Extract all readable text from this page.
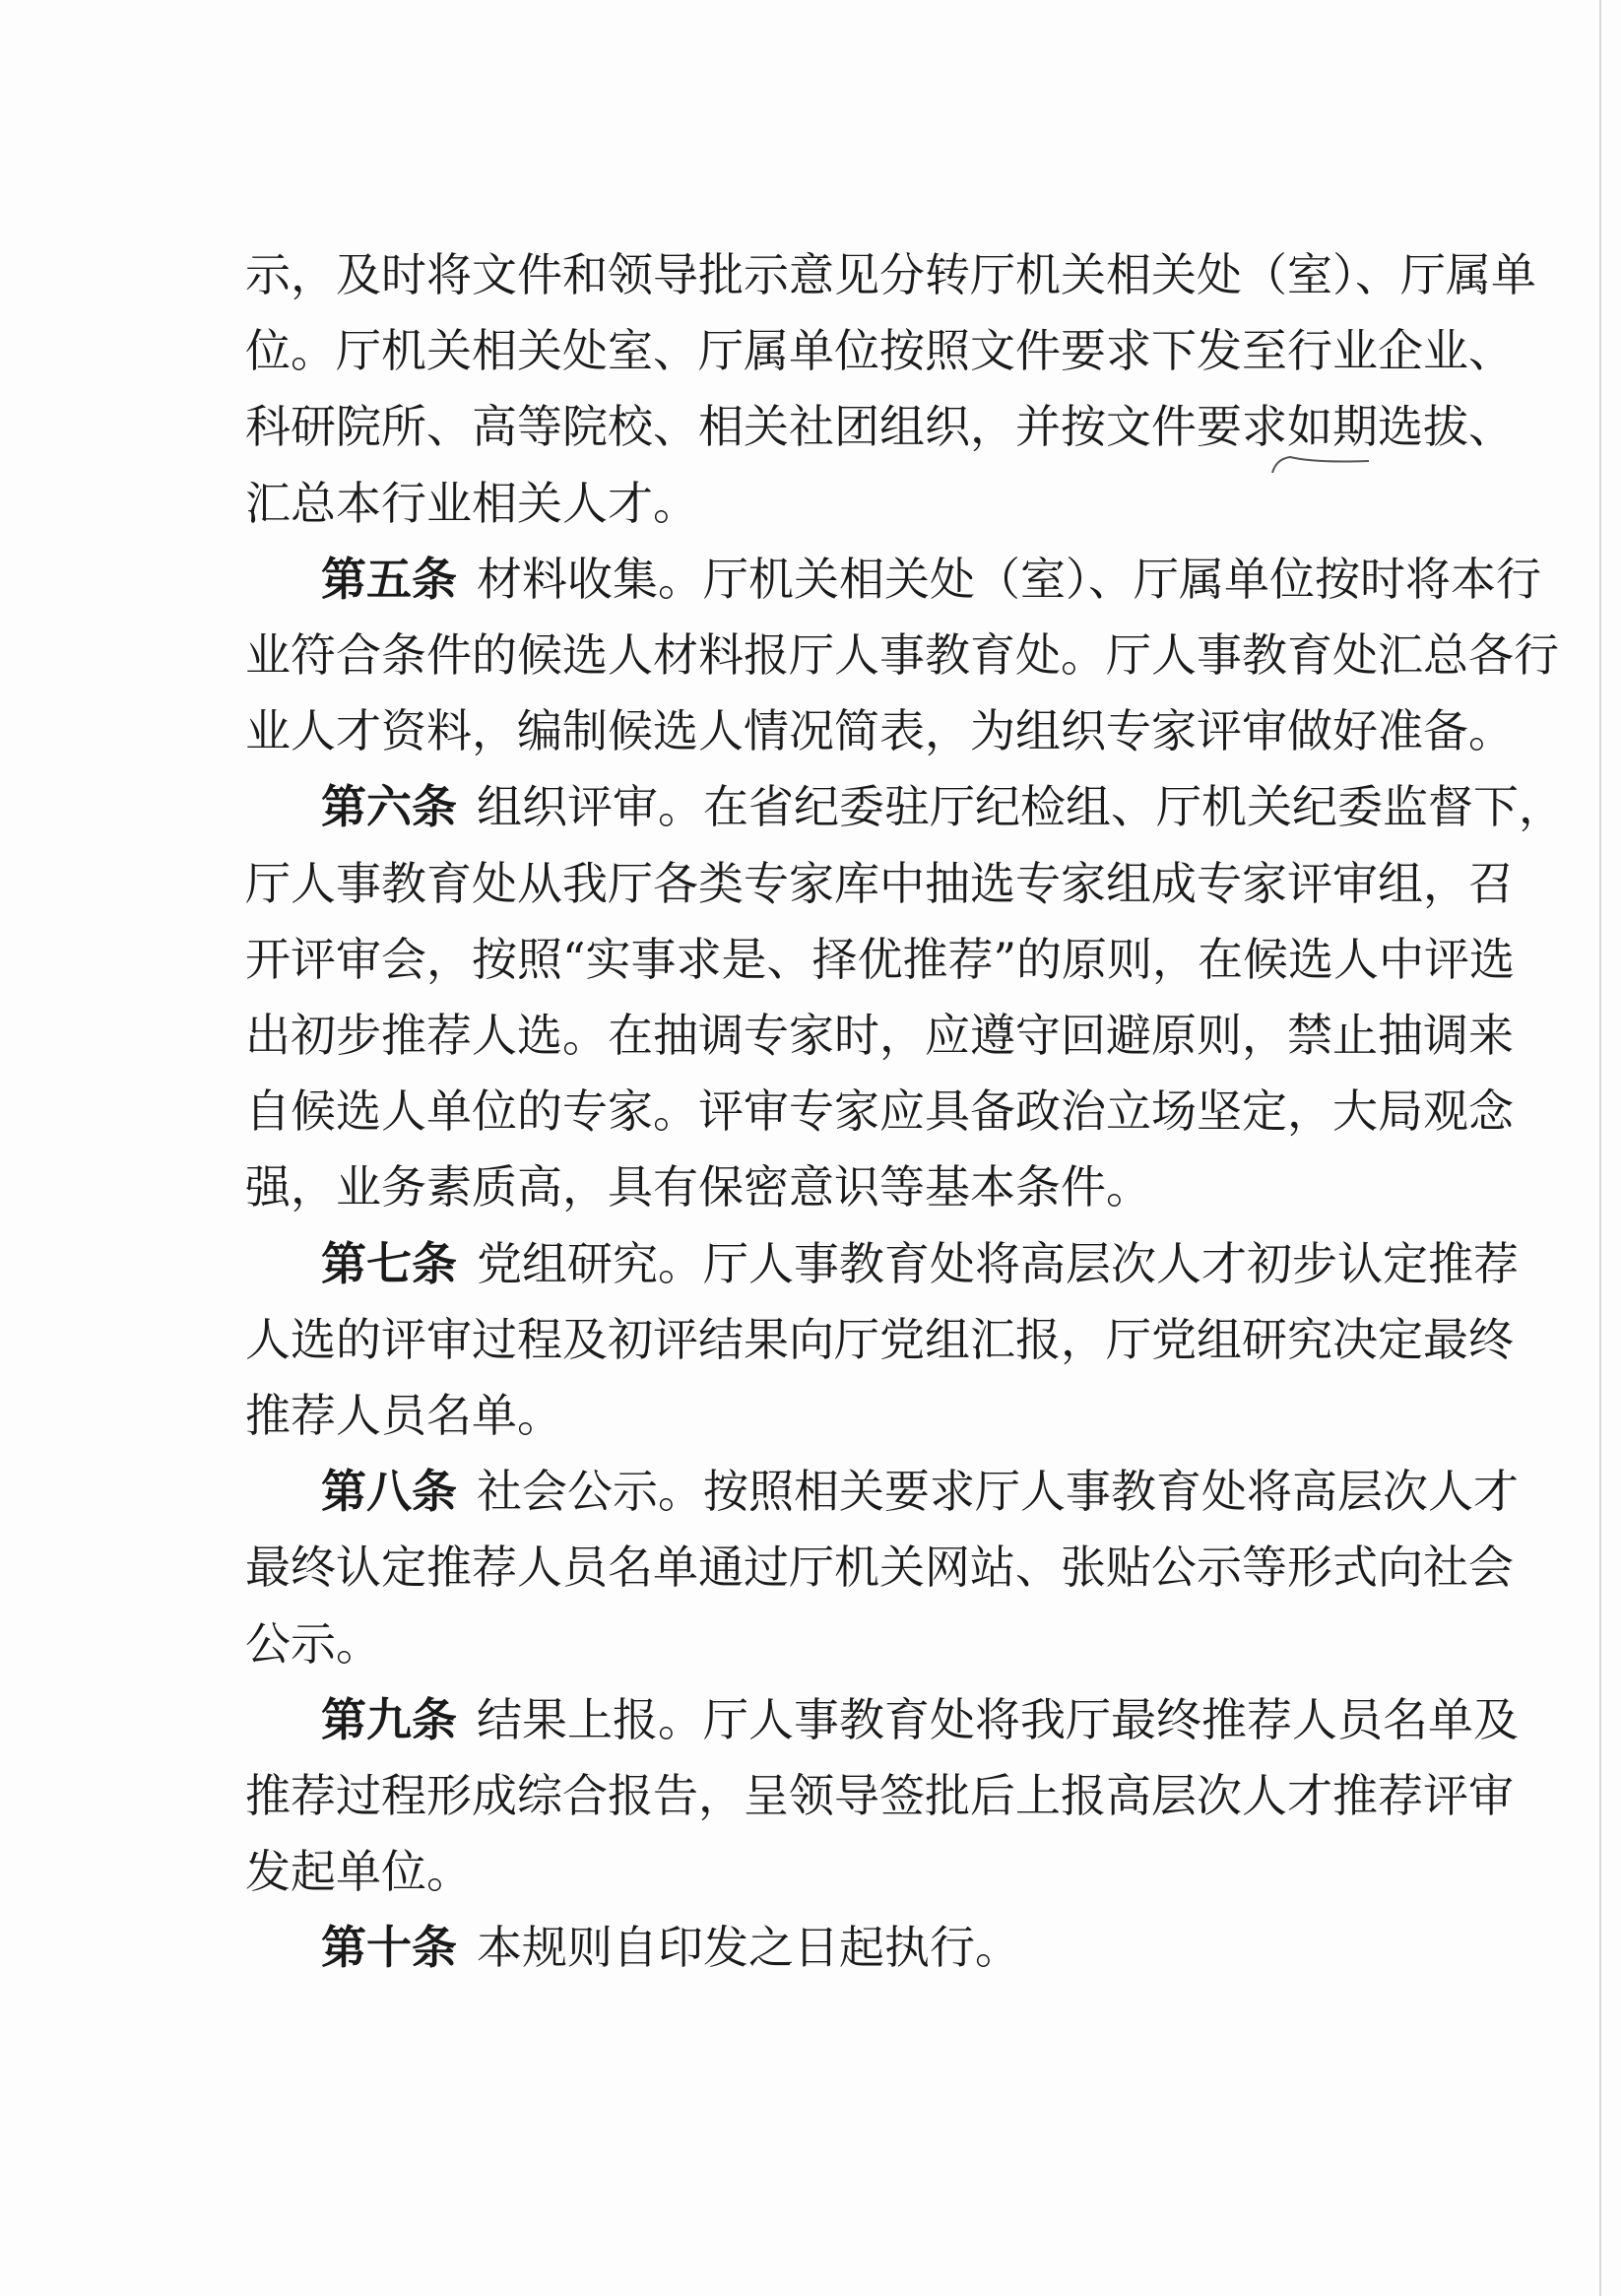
示，及时将文件和领导批示意见分转厅机关相关处（室）、厅属单
位。厅机关相关处室、厅属单位按照文件要求下发至行业企业、
科研院所、高等院校、相关社团组织，并按文件要求如期选拔、
汇总本行业相关人才。
第五条 材料收集。厅机关相关处（室）、厅属单位按时将本行
业符合条件的候选人材料报厅人事教育处。厅人事教育处汇总各行
业人才资料，编制候选人情况简表，为组织专家评审做好准备。
第六条 组织评审。在省纪委驻厅纪检组、厅机关纪委监督下，
厅人事教育处从我厅各类专家库中抽选专家组成专家评审组，召
开评审会，按照“实事求是、择优推荐”的原则，在候选人中评选
出初步推荐人选。在抽调专家时，应遵守回避原则，禁止抽调来
自候选人单位的专家。评审专家应具备政治立场坚定，大局观念
强，业务素质高，具有保密意识等基本条件。
第七条 党组研究。厅人事教育处将高层次人才初步认定推荐
人选的评审过程及初评结果向厅党组汇报，厅党组研究决定最终
推荐人员名单。
第八条 社会公示。按照相关要求厅人事教育处将高层次人才
最终认定推荐人员名单通过厅机关网站、张贴公示等形式向社会
公示。
第九条 结果上报。厅人事教育处将我厅最终推荐人员名单及
推荐过程形成综合报告，呈领导签批后上报高层次人才推荐评审
发起单位。
第十条 本规则自印发之日起执行。
